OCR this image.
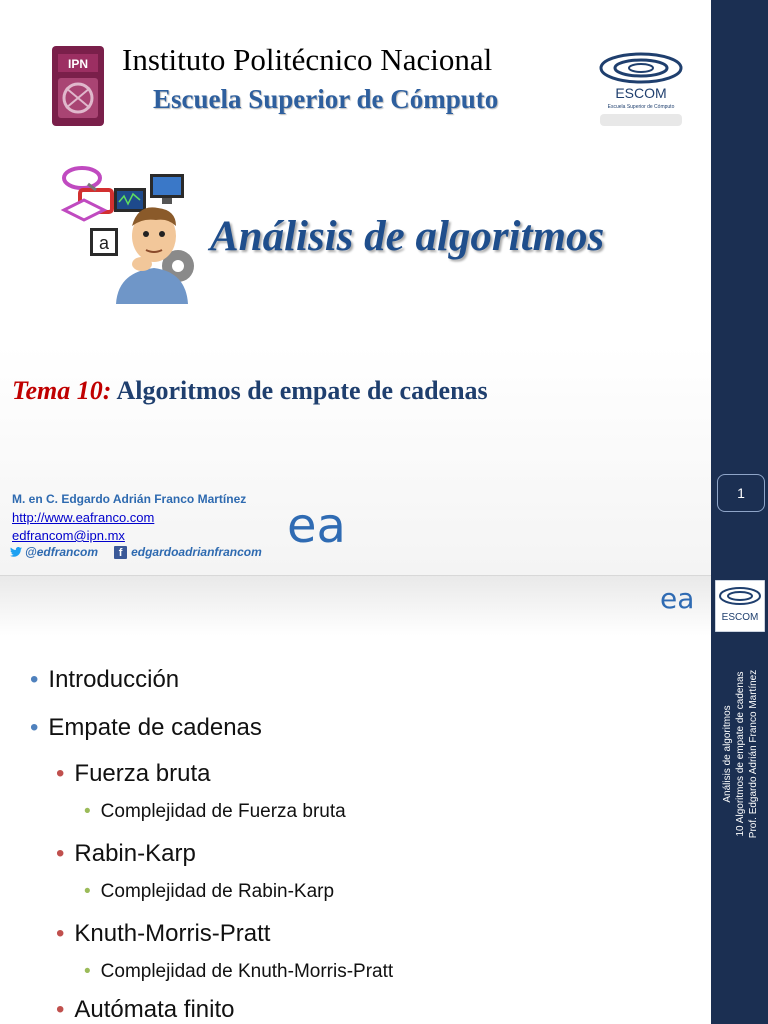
IPN Instituto Politécnico Nacional
Escuela Superior de Cómputo	ESCOM
Escuela Superior de Cómputo
a Análisis de algoritmos
Tema 10: Algoritmos de empate de cadenas
M. en C. Edgardo Adrián Franco Martínez
http://www.eafranco.com
edfrancom@ipn.mx
@edfrancom	f edgardoadrianfrancom ea
ea
• Introducción
• Empate de cadenas
• Fuerza bruta
• Complejidad de Fuerza bruta
• Rabin-Karp
• Complejidad de Rabin-Karp
• Knuth-Morris-Pratt
• Complejidad de Knuth-Morris-Pratt
• Autómata finito
1
ESCOM
Análisis de algoritmos 10 Algoritmos de empate de cadenas Prof. Edgardo Adrián Franco Martínez
